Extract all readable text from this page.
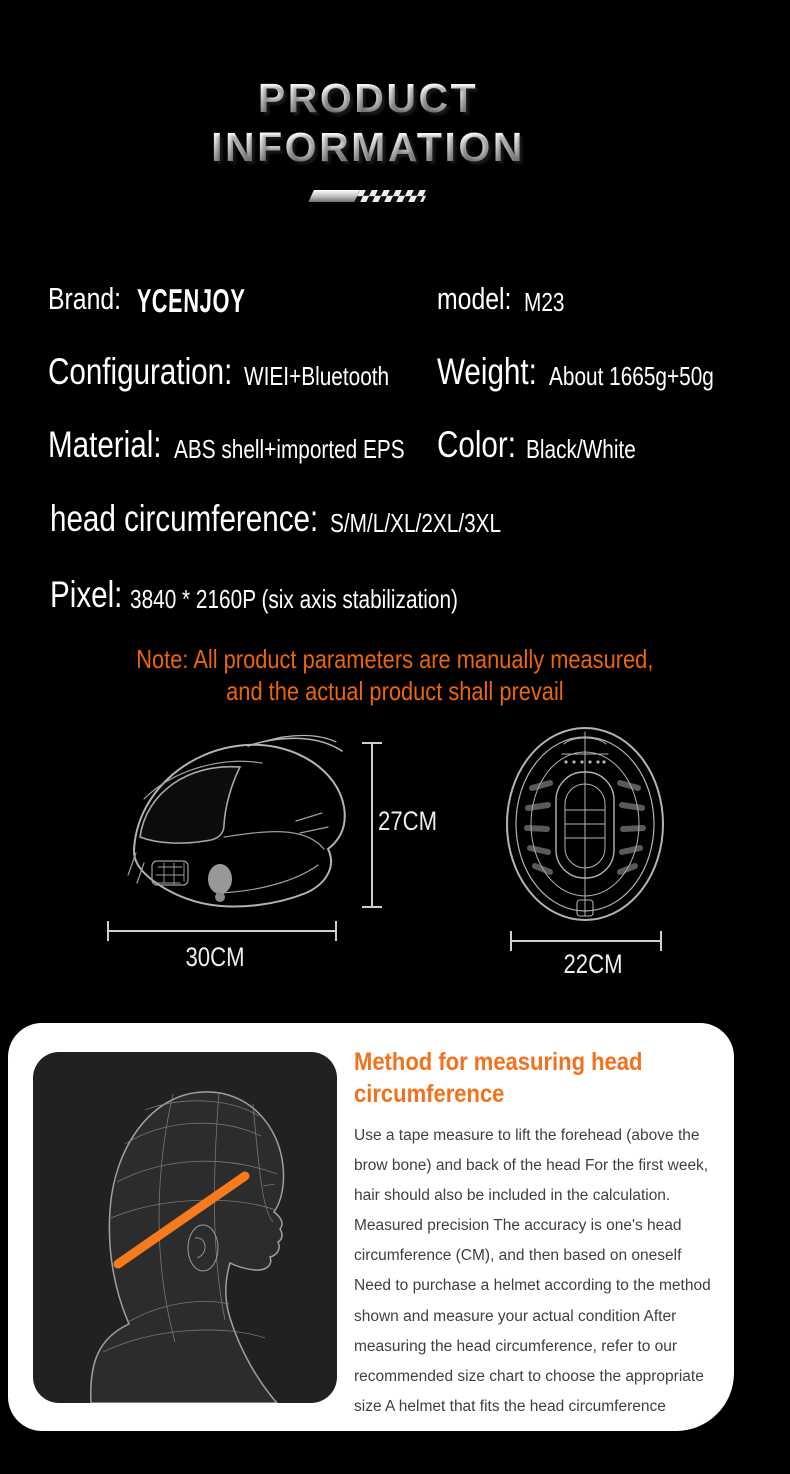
PRODUCT
INFORMATION
Brand: YCENJOY	model: M23
Configuration: WIEI+Bluetooth Weight: About 1665g+50g
Material: ABS shell+imported EPS Color: Black/White
head circumference: S/M/L/XL/2XL/3XL
Pixel: 3840 * 2160P (six axis stabilization)
Note: All product parameters are manually measured,
and the actual product shall prevail
27CM
30CM	22CM
Method for measuring head
circumference
Use a tape measure to lift the forehead (above the
brow bone) and back of the head For the first week,
hair should also be included in the calculation.
Measured precision The accuracy is one's head
circumference (CM), and then based on oneself
Need to purchase a helmet according to the method
shown and measure your actual condition After
measuring the head circumference, refer to our
recommended size chart to choose the appropriate
size A helmet that fits the head circumference
